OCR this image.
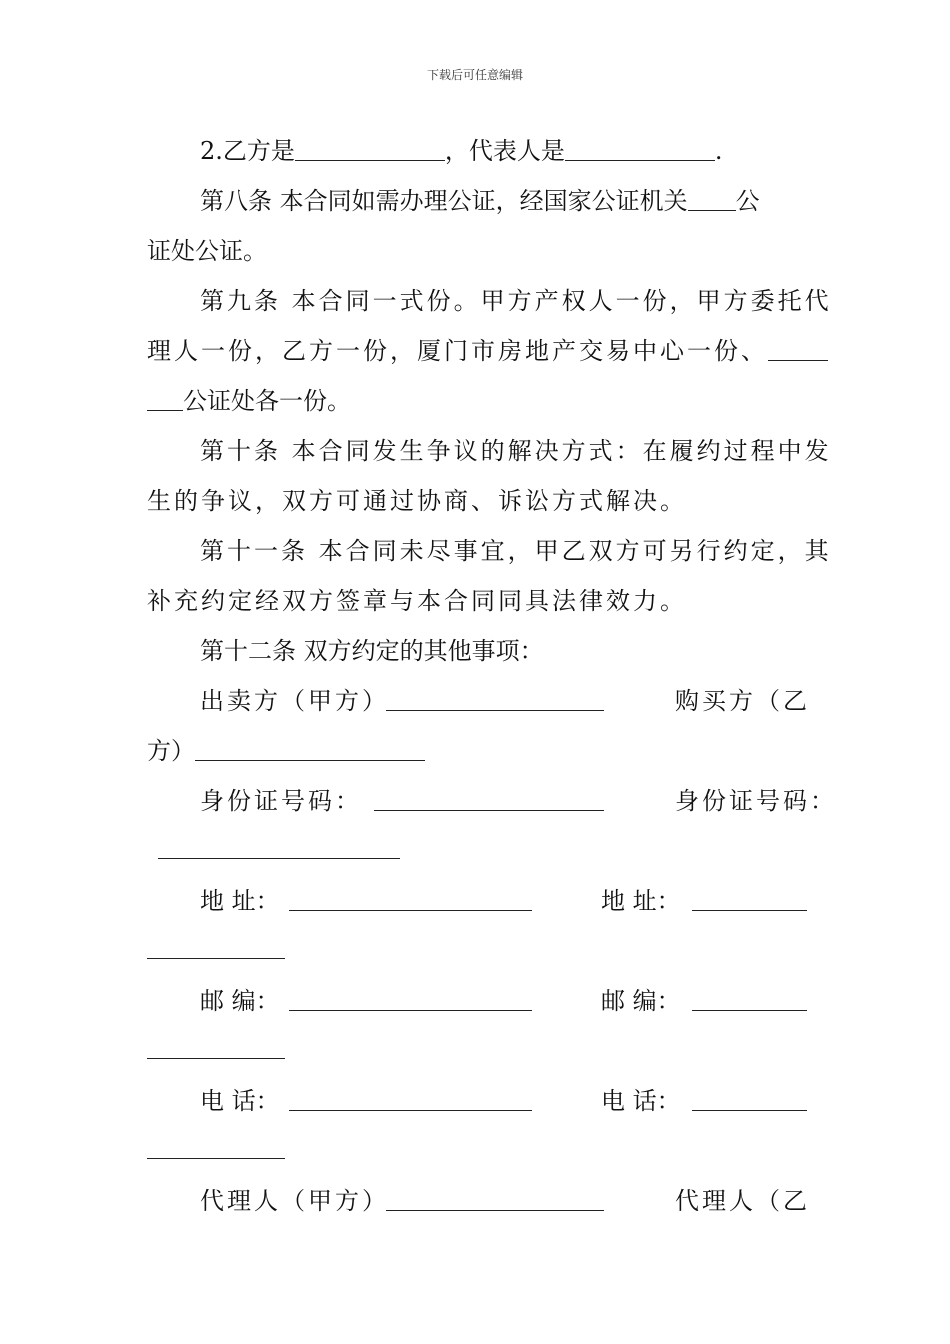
下载后可任意编辑
2.乙方是	，代表人是	.
第八条 本合同如需办理公证，经国家公证机关 公
证处公证。
第九条 本合同一式份。甲方产权人一份，甲方委托代
理人一份，乙方一份，厦门市房地产交易中心一份、
公证处各一份。
第十条 本合同发生争议的解决方式：在履约过程中发
生的争议，双方可通过协商、诉讼方式解决。
第十一条 本合同未尽事宜，甲乙双方可另行约定，其
补充约定经双方签章与本合同同具法律效力。
第十二条 双方约定的其他事项：
出卖方（甲方）	购买方（乙
方）
身份证号码：	身份证号码：
地 址：	地 址：
邮 编：	邮 编：
电 话：	电 话：
代理人（甲方）	代理人（乙
